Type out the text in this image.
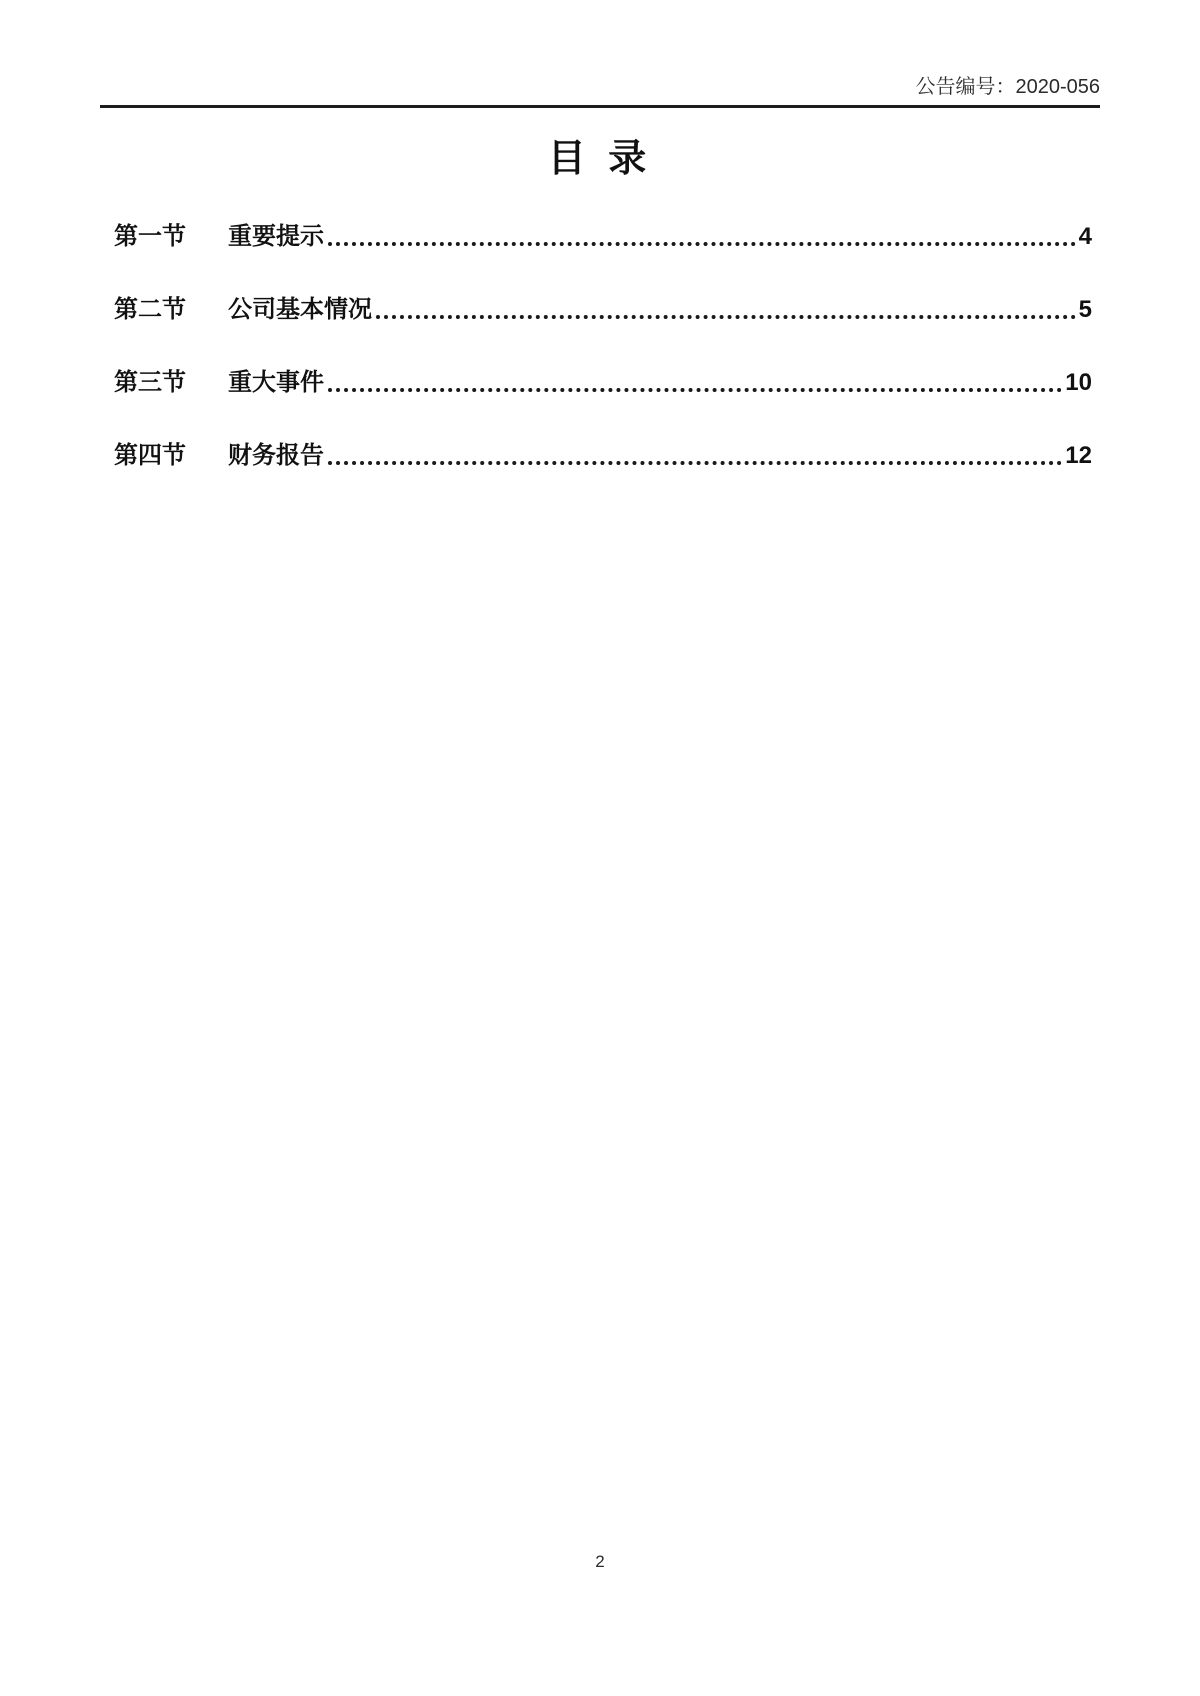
公告编号：2020-056
目 录
第一节 重要提示	4
第二节 公司基本情况	5
第三节 重大事件	10
第四节 财务报告	12
2
